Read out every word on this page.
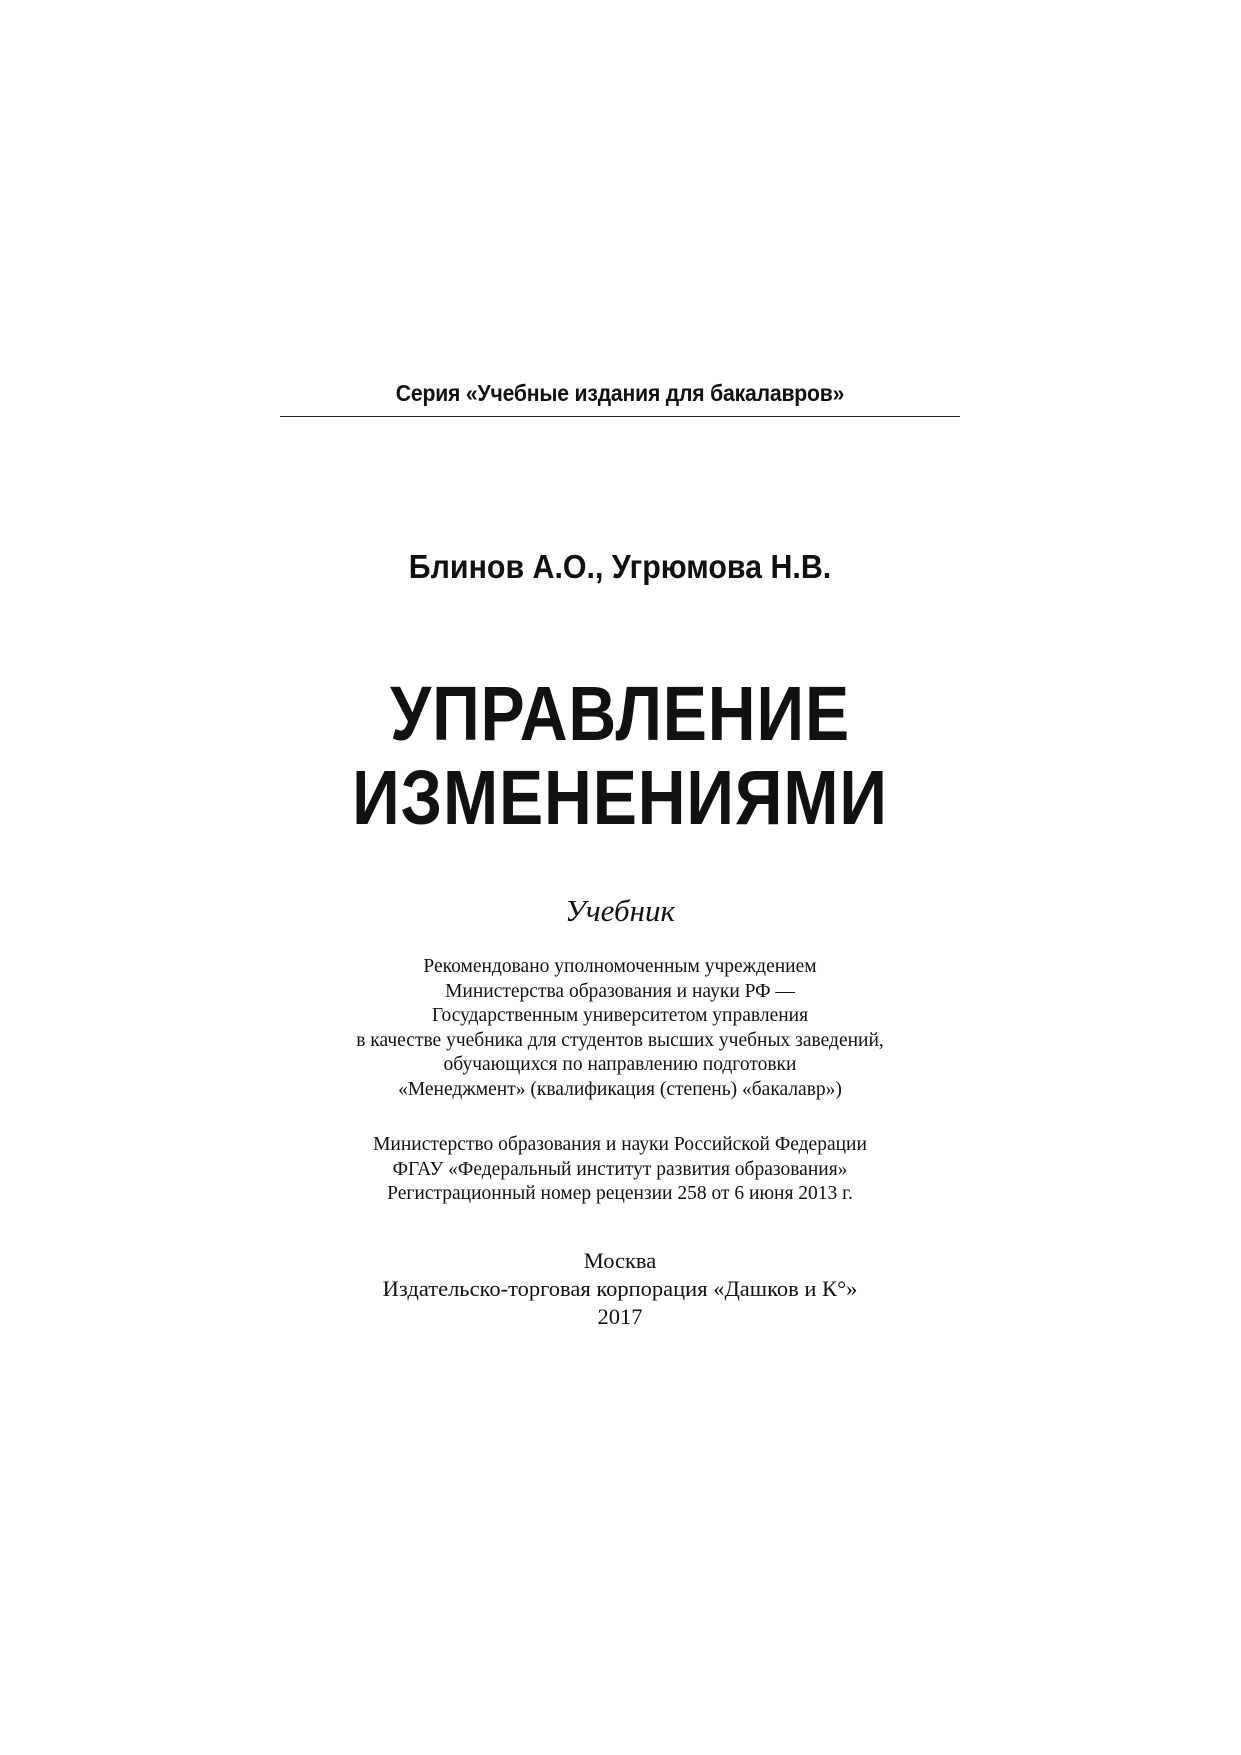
Серия «Учебные издания для бакалавров»
Блинов А.О., Угрюмова Н.В.
УПРАВЛЕНИЕ
ИЗМЕНЕНИЯМИ
Учебник
Рекомендовано уполномоченным учреждением
Министерства образования и науки РФ —
Государственным университетом управления
в качестве учебника для студентов высших учебных заведений,
обучающихся по направлению подготовки
«Менеджмент» (квалификация (степень) «бакалавр»)
Министерство образования и науки Российской Федерации
ФГАУ «Федеральный институт развития образования»
Регистрационный номер рецензии 258 от 6 июня 2013 г.
Москва
Издательско-торговая корпорация «Дашков и К°»
2017
